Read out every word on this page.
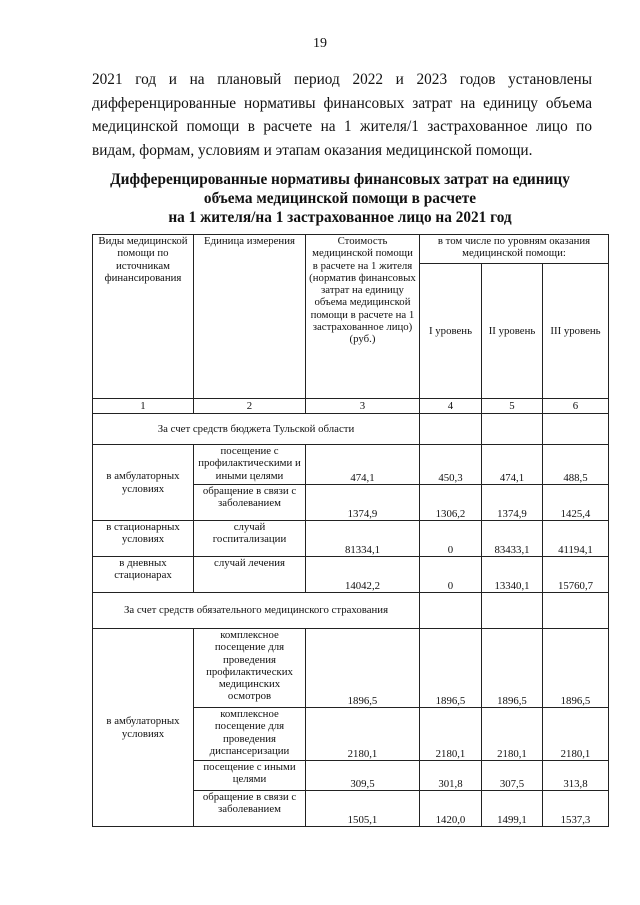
19
2021 год и на плановый период 2022 и 2023 годов установлены дифференцированные нормативы финансовых затрат на единицу объема медицинской помощи в расчете на 1 жителя/1 застрахованное лицо по видам, формам, условиям и этапам оказания медицинской помощи.
Дифференцированные нормативы финансовых затрат на единицу
объема медицинской помощи в расчете
на 1 жителя/на 1 застрахованное лицо на 2021 год
Виды медицинской помощи по источникам финансирования	Единица измерения	Стоимость медицинской помощи в расчете на 1 жителя (норматив финансовых затрат на единицу объема медицинской помощи в расчете на 1 застрахованное лицо) (руб.)	в том числе по уровням оказания медицинской помощи:		
			I уровень	II уровень	III уровень
1	2	3	4	5	6
За счет средств бюджета Тульской области					
в амбулаторных условиях	посещение с профилактическими и иными целями	474,1	450,3	474,1	488,5
	обращение в связи с заболеванием	1374,9	1306,2	1374,9	1425,4
в стационарных условиях	случай госпитализации	81334,1	0	83433,1	41194,1
в дневных стационарах	случай лечения	14042,2	0	13340,1	15760,7
За счет средств обязательного медицинского страхования					
в амбулаторных условиях	комплексное посещение для проведения профилактических медицинских осмотров	1896,5	1896,5	1896,5	1896,5
	комплексное посещение для проведения диспансеризации	2180,1	2180,1	2180,1	2180,1
	посещение с иными целями	309,5	301,8	307,5	313,8
	обращение в связи с заболеванием	1505,1	1420,0	1499,1	1537,3
